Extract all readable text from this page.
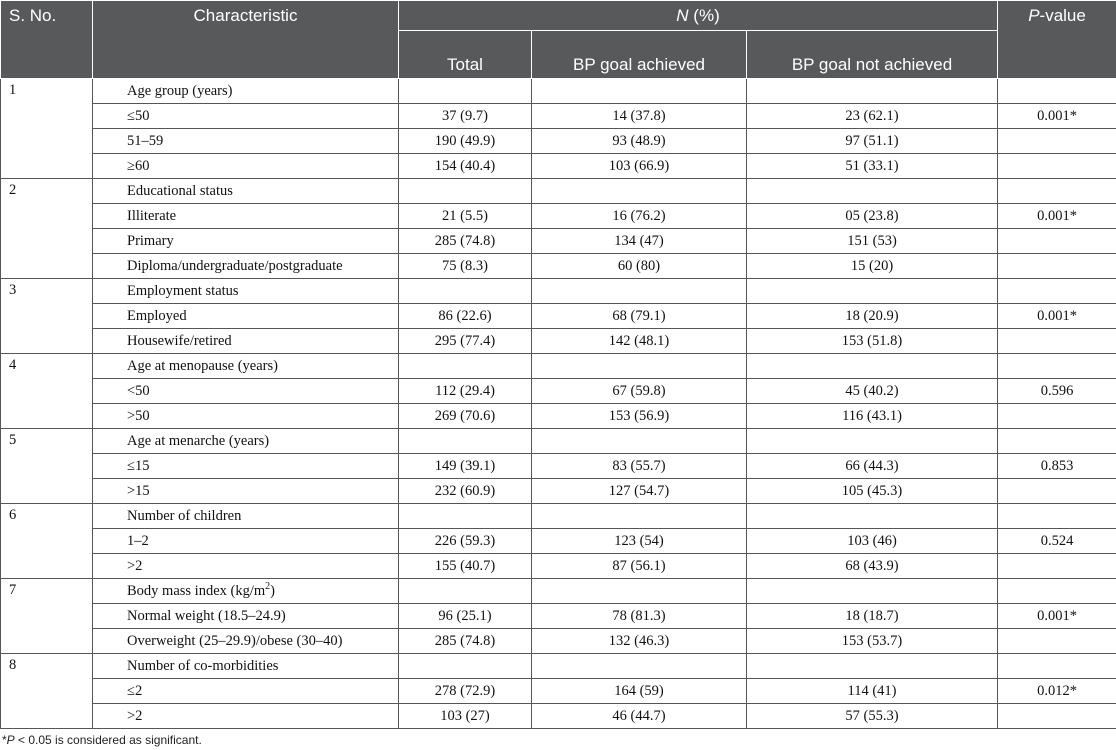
S. No.	Characteristic	N (%)			P-value
		Total	BP goal achieved	BP goal not achieved	
1	Age group (years)				
	≤50	37 (9.7)	14 (37.8)	23 (62.1)	0.001*
	51–59	190 (49.9)	93 (48.9)	97 (51.1)	
	≥60	154 (40.4)	103 (66.9)	51 (33.1)	
2	Educational status				
	Illiterate	21 (5.5)	16 (76.2)	05 (23.8)	0.001*
	Primary	285 (74.8)	134 (47)	151 (53)	
	Diploma/undergraduate/postgraduate	75 (8.3)	60 (80)	15 (20)	
3	Employment status				
	Employed	86 (22.6)	68 (79.1)	18 (20.9)	0.001*
	Housewife/retired	295 (77.4)	142 (48.1)	153 (51.8)	
4	Age at menopause (years)				
	<50	112 (29.4)	67 (59.8)	45 (40.2)	0.596
	>50	269 (70.6)	153 (56.9)	116 (43.1)	
5	Age at menarche (years)				
	≤15	149 (39.1)	83 (55.7)	66 (44.3)	0.853
	>15	232 (60.9)	127 (54.7)	105 (45.3)	
6	Number of children				
	1–2	226 (59.3)	123 (54)	103 (46)	0.524
	>2	155 (40.7)	87 (56.1)	68 (43.9)	
7	Body mass index $(kg/m^2)$				
	Normal weight (18.5–24.9)	96 (25.1)	78 (81.3)	18 (18.7)	0.001*
	Overweight (25–29.9)/obese (30–40)	285 (74.8)	132 (46.3)	153 (53.7)	
8	Number of co-morbidities				
	≤2	278 (72.9)	164 (59)	114 (41)	0.012*
	>2	103 (27)	46 (44.7)	57 (55.3)	
*P < 0.05 is considered as significant.
